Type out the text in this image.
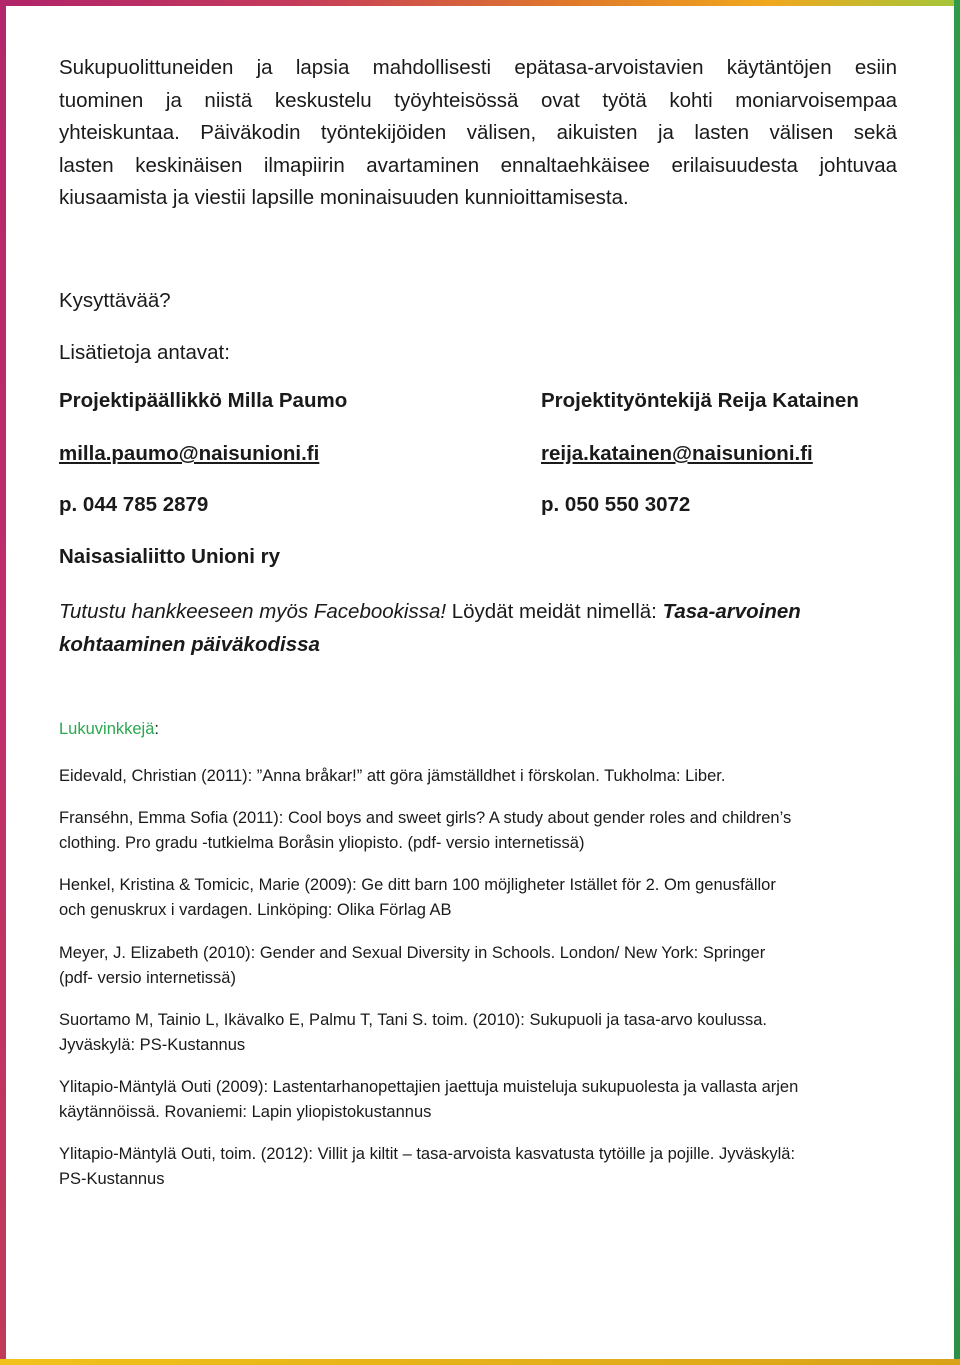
Sukupuolittuneiden ja lapsia mahdollisesti epätasa-arvoistavien käytäntöjen esiin

tuominen ja niistä keskustelu työyhteisössä ovat työtä kohti moniarvoisempaa

yhteiskuntaa. Päiväkodin työntekijöiden välisen, aikuisten ja lasten välisen sekä

lasten keskinäisen ilmapiirin avartaminen ennaltaehkäisee erilaisuudesta johtuvaa

kiusaamista ja viestii lapsille moninaisuuden kunnioittamisesta.

Kysyttävää?

Lisätietoja antavat:

Projektipäällikkö Milla Paumo
milla.paumo@naisunioni.fi
p. 044 785 2879
Projektityöntekijä Reija Katainen
reija.katainen@naisunioni.fi
p. 050 550 3072
Naisasialiitto Unioni ry
Tutustu hankkeeseen myös Facebookissa! Löydät meidät nimellä: Tasa-arvoinen kohtaaminen päiväkodissa
Lukuvinkkejä:
Eidevald, Christian (2011): ”Anna bråkar!” att göra jämställdhet i förskolan. Tukholma: Liber.
Franséhn, Emma Sofia (2011): Cool boys and sweet girls? A study about gender roles and children’s
clothing. Pro gradu -tutkielma Boråsin yliopisto. (pdf- versio internetissä)
Henkel, Kristina & Tomicic, Marie (2009): Ge ditt barn 100 möjligheter Istället för 2. Om genusfällor
och genuskrux i vardagen. Linköping: Olika Förlag AB
Meyer, J. Elizabeth (2010): Gender and Sexual Diversity in Schools. London/ New York: Springer
(pdf- versio internetissä)
Suortamo M, Tainio L, Ikävalko E, Palmu T, Tani S. toim. (2010): Sukupuoli ja tasa-arvo koulussa.
Jyväskylä: PS-Kustannus
Ylitapio-Mäntylä Outi (2009): Lastentarhanopettajien jaettuja muisteluja sukupuolesta ja vallasta arjen
käytännöissä. Rovaniemi: Lapin yliopistokustannus
Ylitapio-Mäntylä Outi, toim. (2012): Villit ja kiltit – tasa-arvoista kasvatusta tytöille ja pojille. Jyväskylä:
PS-Kustannus
